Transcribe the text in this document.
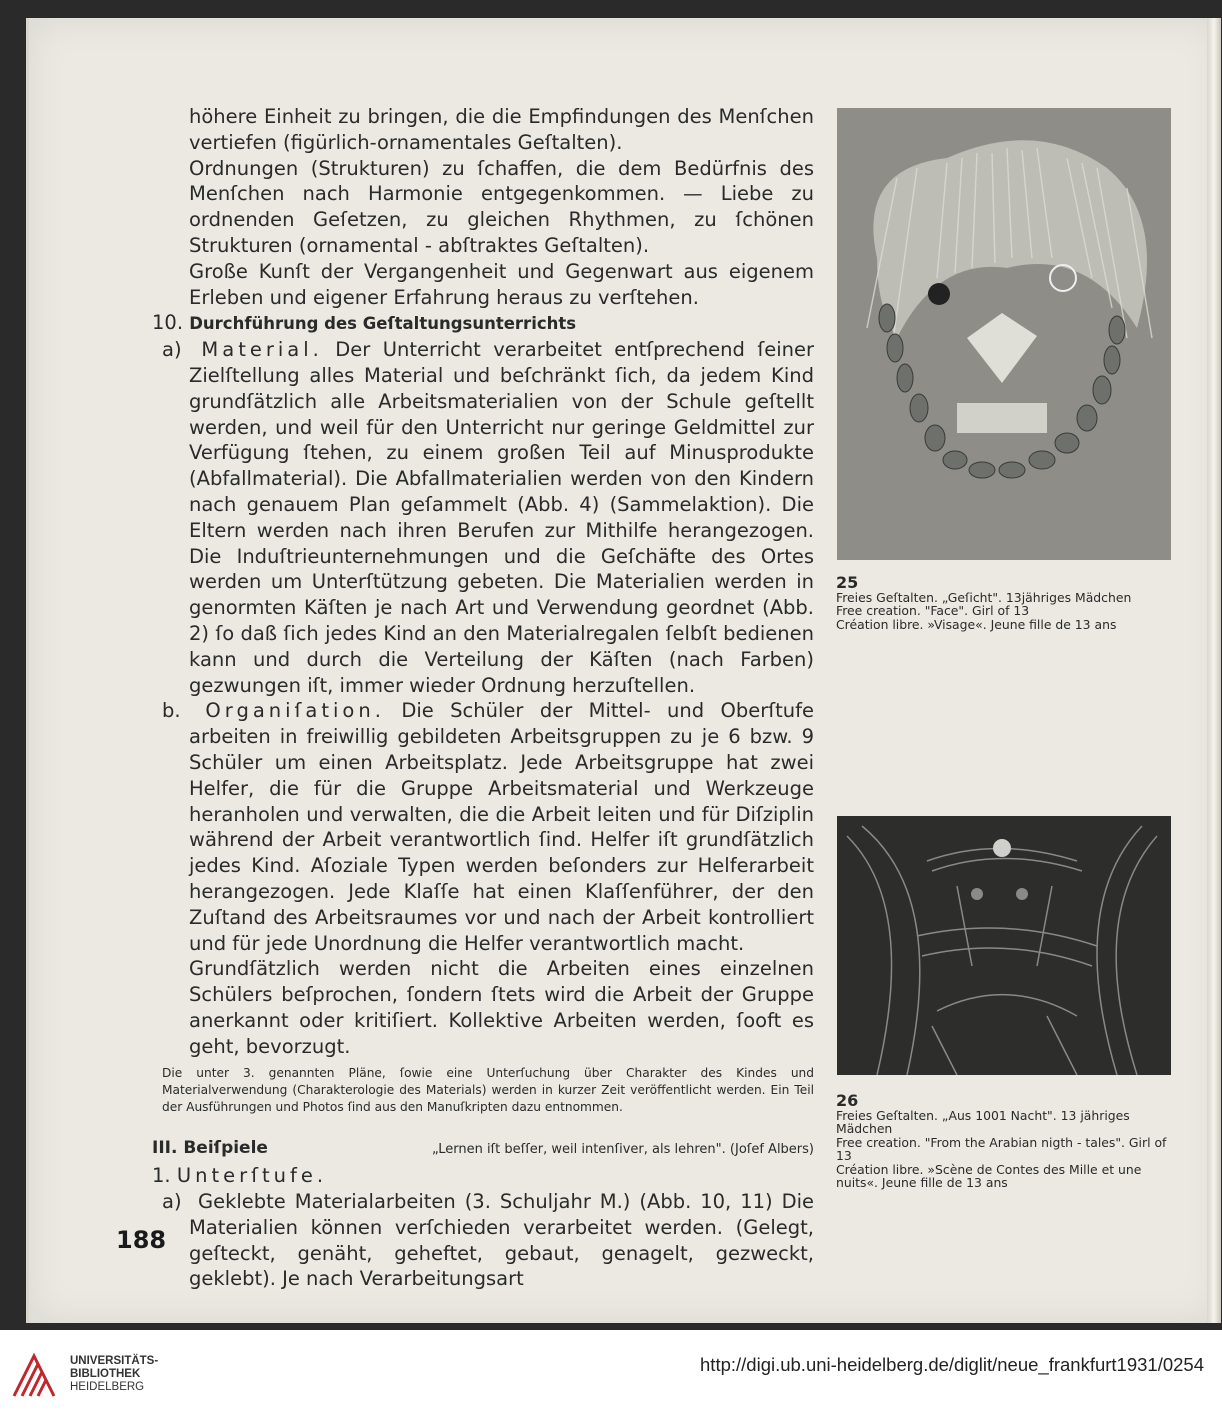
höhere Einheit zu bringen, die die Empfindungen des Menſchen vertiefen (figürlich-ornamentales Geſtalten).

Ordnungen (Strukturen) zu ſchaffen, die dem Bedürfnis des Menſchen nach Harmonie entgegenkommen. — Liebe zu ordnenden Geſetzen, zu gleichen Rhythmen, zu ſchönen Strukturen (ornamental - abſtraktes Geſtalten).

Große Kunſt der Vergangenheit und Gegenwart aus eigenem Erleben und eigener Erfahrung heraus zu verſtehen.

10. Durchführung des Geſtaltungsunterrichts

a) Material. Der Unterricht verarbeitet entſprechend ſeiner Zielſtellung alles Material und beſchränkt ſich, da jedem Kind grundſätzlich alle Arbeitsmaterialien von der Schule geſtellt werden, und weil für den Unterricht nur geringe Geldmittel zur Verfügung ſtehen, zu einem großen Teil auf Minusprodukte (Abfallmaterial). Die Abfallmaterialien werden von den Kindern nach genauem Plan geſammelt (Abb. 4) (Sammelaktion). Die Eltern werden nach ihren Berufen zur Mithilfe herangezogen. Die Induſtrieunternehmungen und die Geſchäfte des Ortes werden um Unterſtützung gebeten. Die Materialien werden in genormten Käſten je nach Art und Verwendung geordnet (Abb. 2) ſo daß ſich jedes Kind an den Materialregalen ſelbſt bedienen kann und durch die Verteilung der Käſten (nach Farben) gezwungen iſt, immer wieder Ordnung herzuſtellen.

b. Organiſation. Die Schüler der Mittel- und Oberſtufe arbeiten in freiwillig gebildeten Arbeitsgruppen zu je 6 bzw. 9 Schüler um einen Arbeitsplatz. Jede Arbeitsgruppe hat zwei Helfer, die für die Gruppe Arbeitsmaterial und Werkzeuge heranholen und verwalten, die die Arbeit leiten und für Diſziplin während der Arbeit verantwortlich ſind. Helfer iſt grundſätzlich jedes Kind. Aſoziale Typen werden beſonders zur Helferarbeit herangezogen. Jede Klaſſe hat einen Klaſſenführer, der den Zuſtand des Arbeitsraumes vor und nach der Arbeit kontrolliert und für jede Unordnung die Helfer verantwortlich macht.

Grundſätzlich werden nicht die Arbeiten eines einzelnen Schülers beſprochen, ſondern ſtets wird die Arbeit der Gruppe anerkannt oder kritiſiert. Kollektive Arbeiten werden, ſooft es geht, bevorzugt.

Die unter 3. genannten Pläne, ſowie eine Unterſuchung über Charakter des Kindes und Materialverwendung (Charakterologie des Materials) werden in kurzer Zeit veröffentlicht werden. Ein Teil der Ausführungen und Photos ſind aus den Manuſkripten dazu entnommen.

III. Beiſpiele	„Lernen iſt beſſer, weil intenſiver, als lehren". (Joſef Albers)

1. Unterſtufe.

a) Geklebte Materialarbeiten (3. Schuljahr M.) (Abb. 10, 11) Die Materialien können verſchieden verarbeitet werden. (Gelegt, geſteckt, genäht, geheftet, gebaut, genagelt, gezweckt, geklebt). Je nach Verarbeitungsart

25
Freies Geſtalten. „Geſicht". 13jähriges Mädchen
Free creation. "Face". Girl of 13
Création libre. »Visage«. Jeune fille de 13 ans
26
Freies Geſtalten. „Aus 1001 Nacht". 13 jähriges Mädchen
Free creation. "From the Arabian nigth - tales". Girl of 13
Création libre. »Scène de Contes des Mille et une nuits«. Jeune fille de 13 ans
188
UNIVERSITÄTS-
BIBLIOTHEK
HEIDELBERG
http://digi.ub.uni-heidelberg.de/diglit/neue_frankfurt1931/0254
